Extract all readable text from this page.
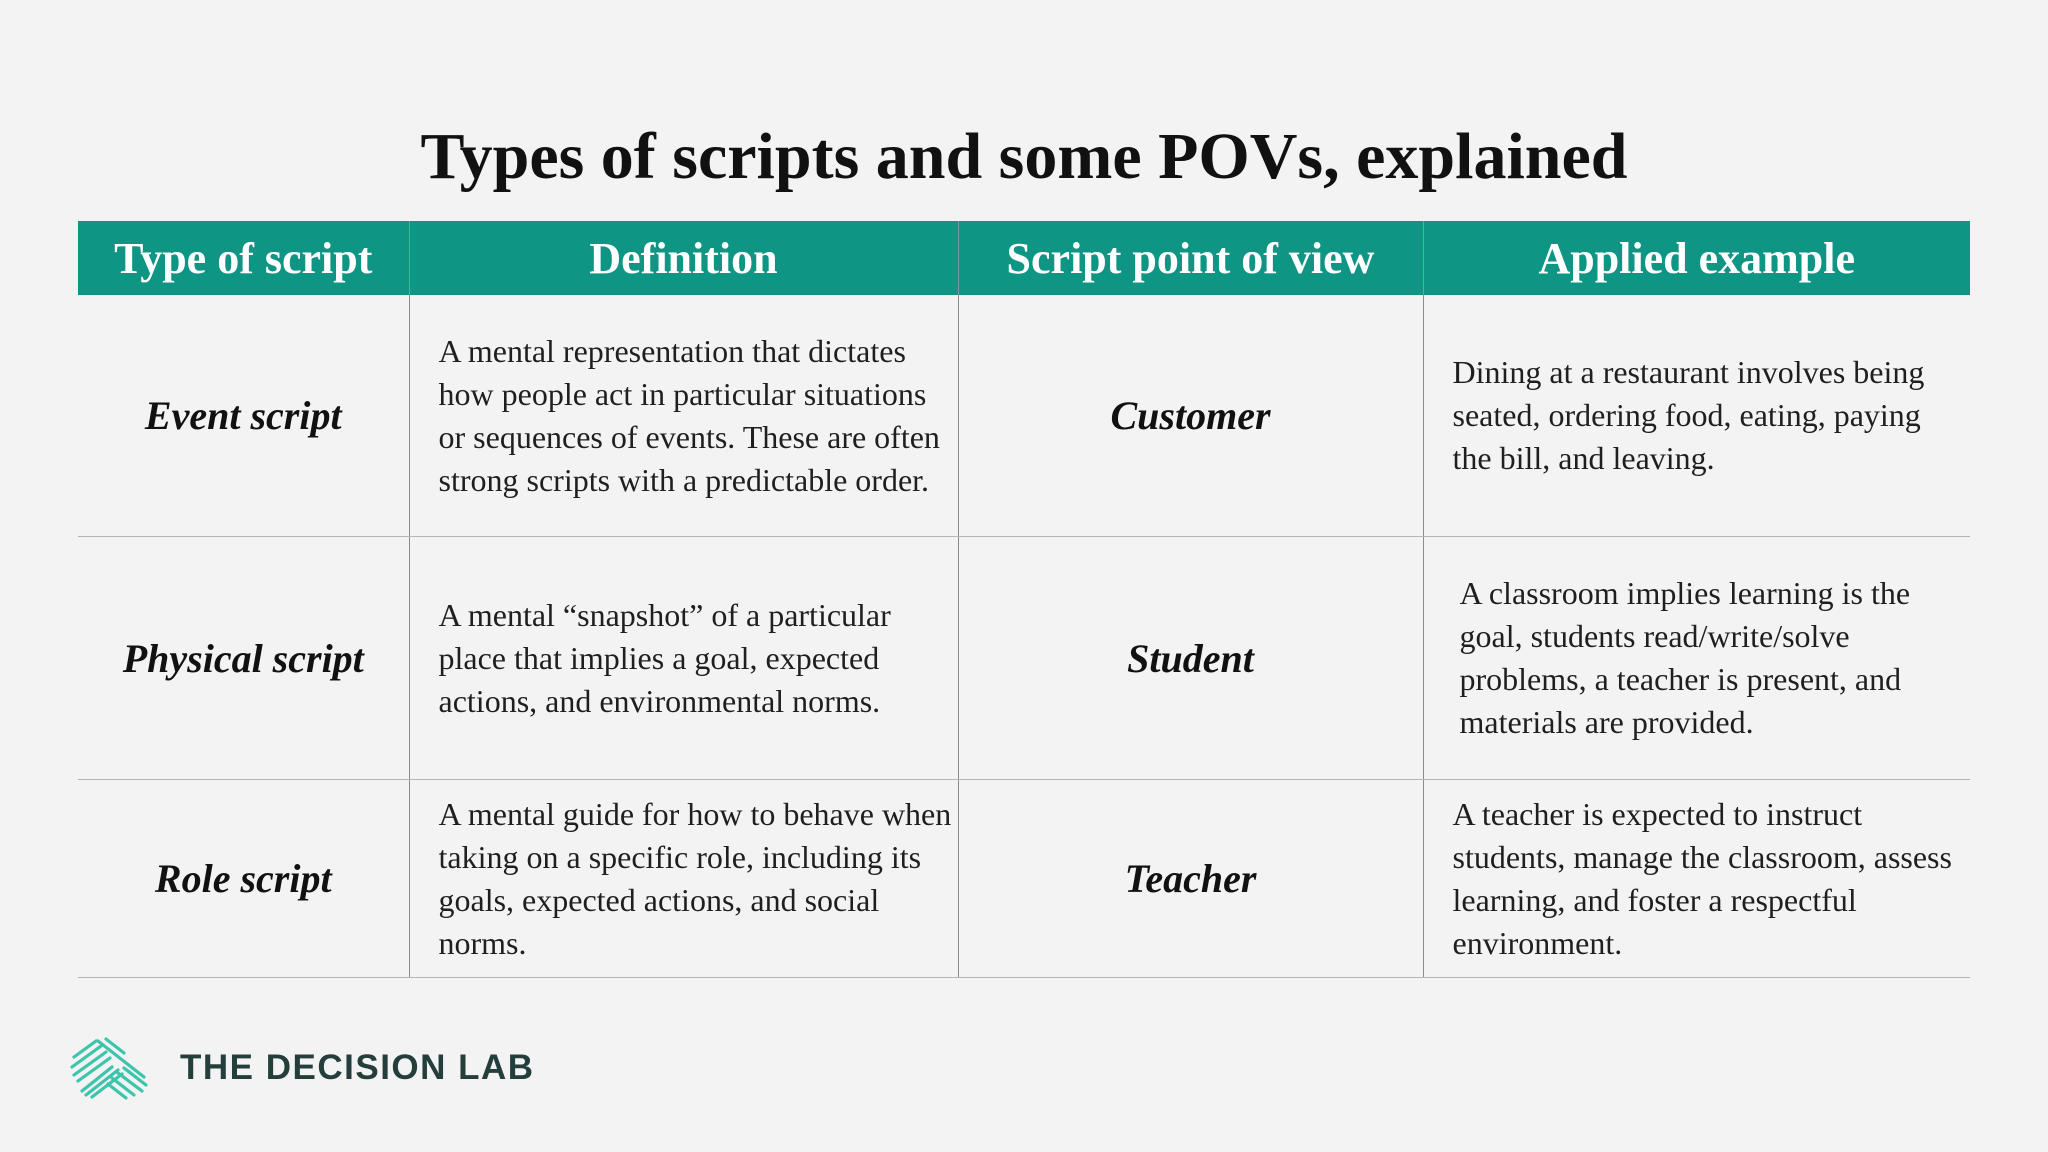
Types of scripts and some POVs, explained
Type of script	Definition	Script point of view	Applied example
Event script	A mental representation that dictates how people act in particular situations or sequences of events. These are often strong scripts with a predictable order.	Customer	Dining at a restaurant involves being seated, ordering food, eating, paying the bill, and leaving.
Physical script	A mental “snapshot” of a particular place that implies a goal, expected actions, and environmental norms.	Student	A classroom implies learning is the goal, students read/write/solve problems, a teacher is present, and materials are provided.
Role script	A mental guide for how to behave when taking on a specific role, including its goals, expected actions, and social norms.	Teacher	A teacher is expected to instruct students, manage the classroom, assess learning, and foster a respectful environment.
THE DECISION LAB
